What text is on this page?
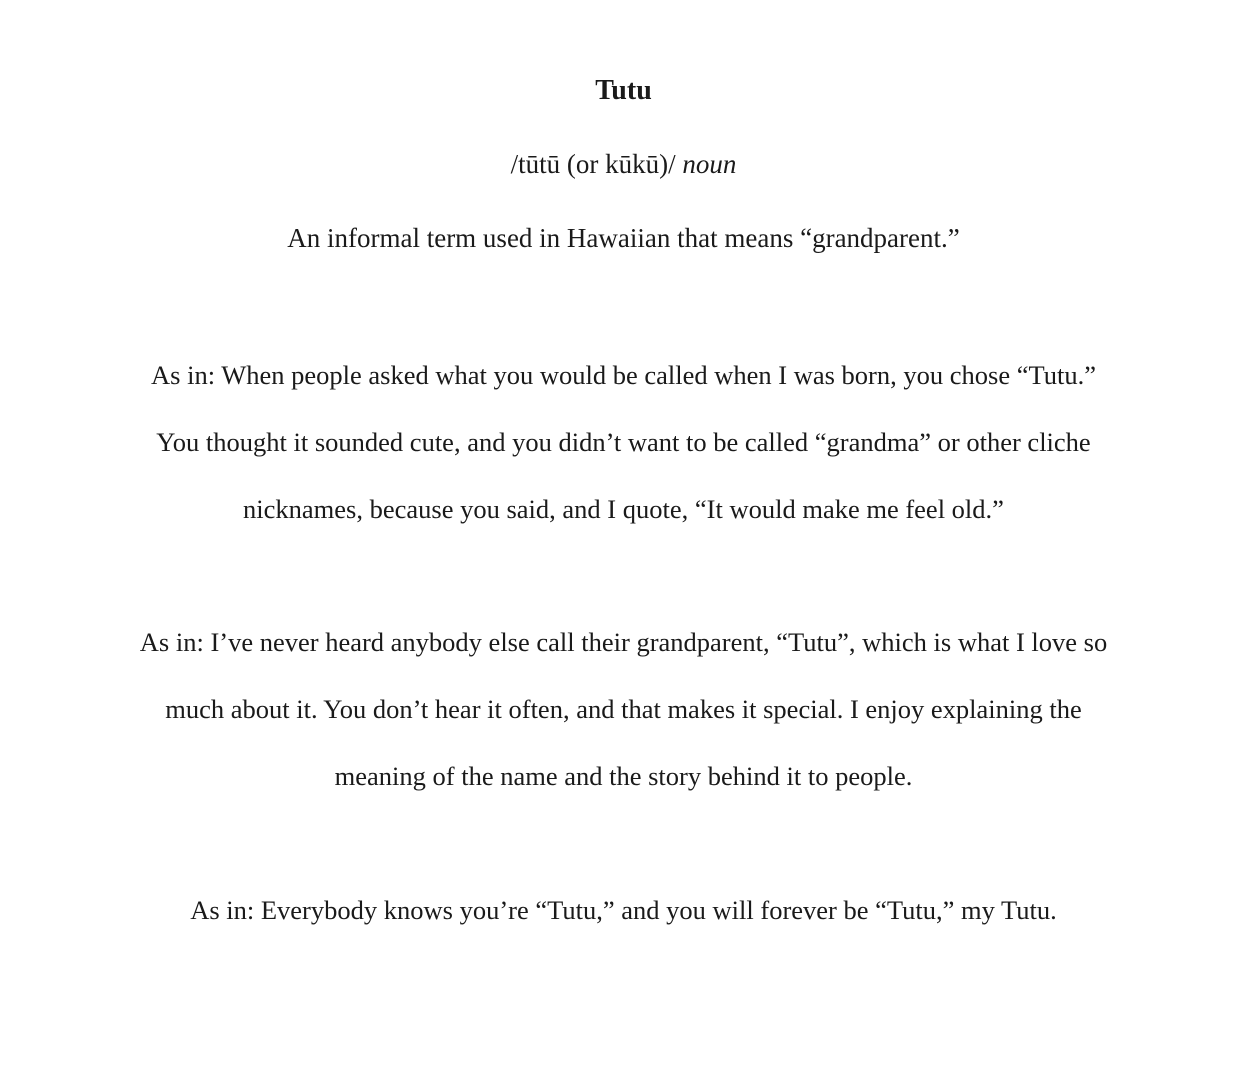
Tutu
/tūtū (or kūkū)/ noun
An informal term used in Hawaiian that means “grandparent.”
As in: When people asked what you would be called when I was born, you chose “Tutu.”
You thought it sounded cute, and you didn’t want to be called “grandma” or other cliche
nicknames, because you said, and I quote, “It would make me feel old.”
As in: I’ve never heard anybody else call their grandparent, “Tutu”, which is what I love so
much about it. You don’t hear it often, and that makes it special. I enjoy explaining the
meaning of the name and the story behind it to people.
As in: Everybody knows you’re “Tutu,” and you will forever be “Tutu,” my Tutu.
